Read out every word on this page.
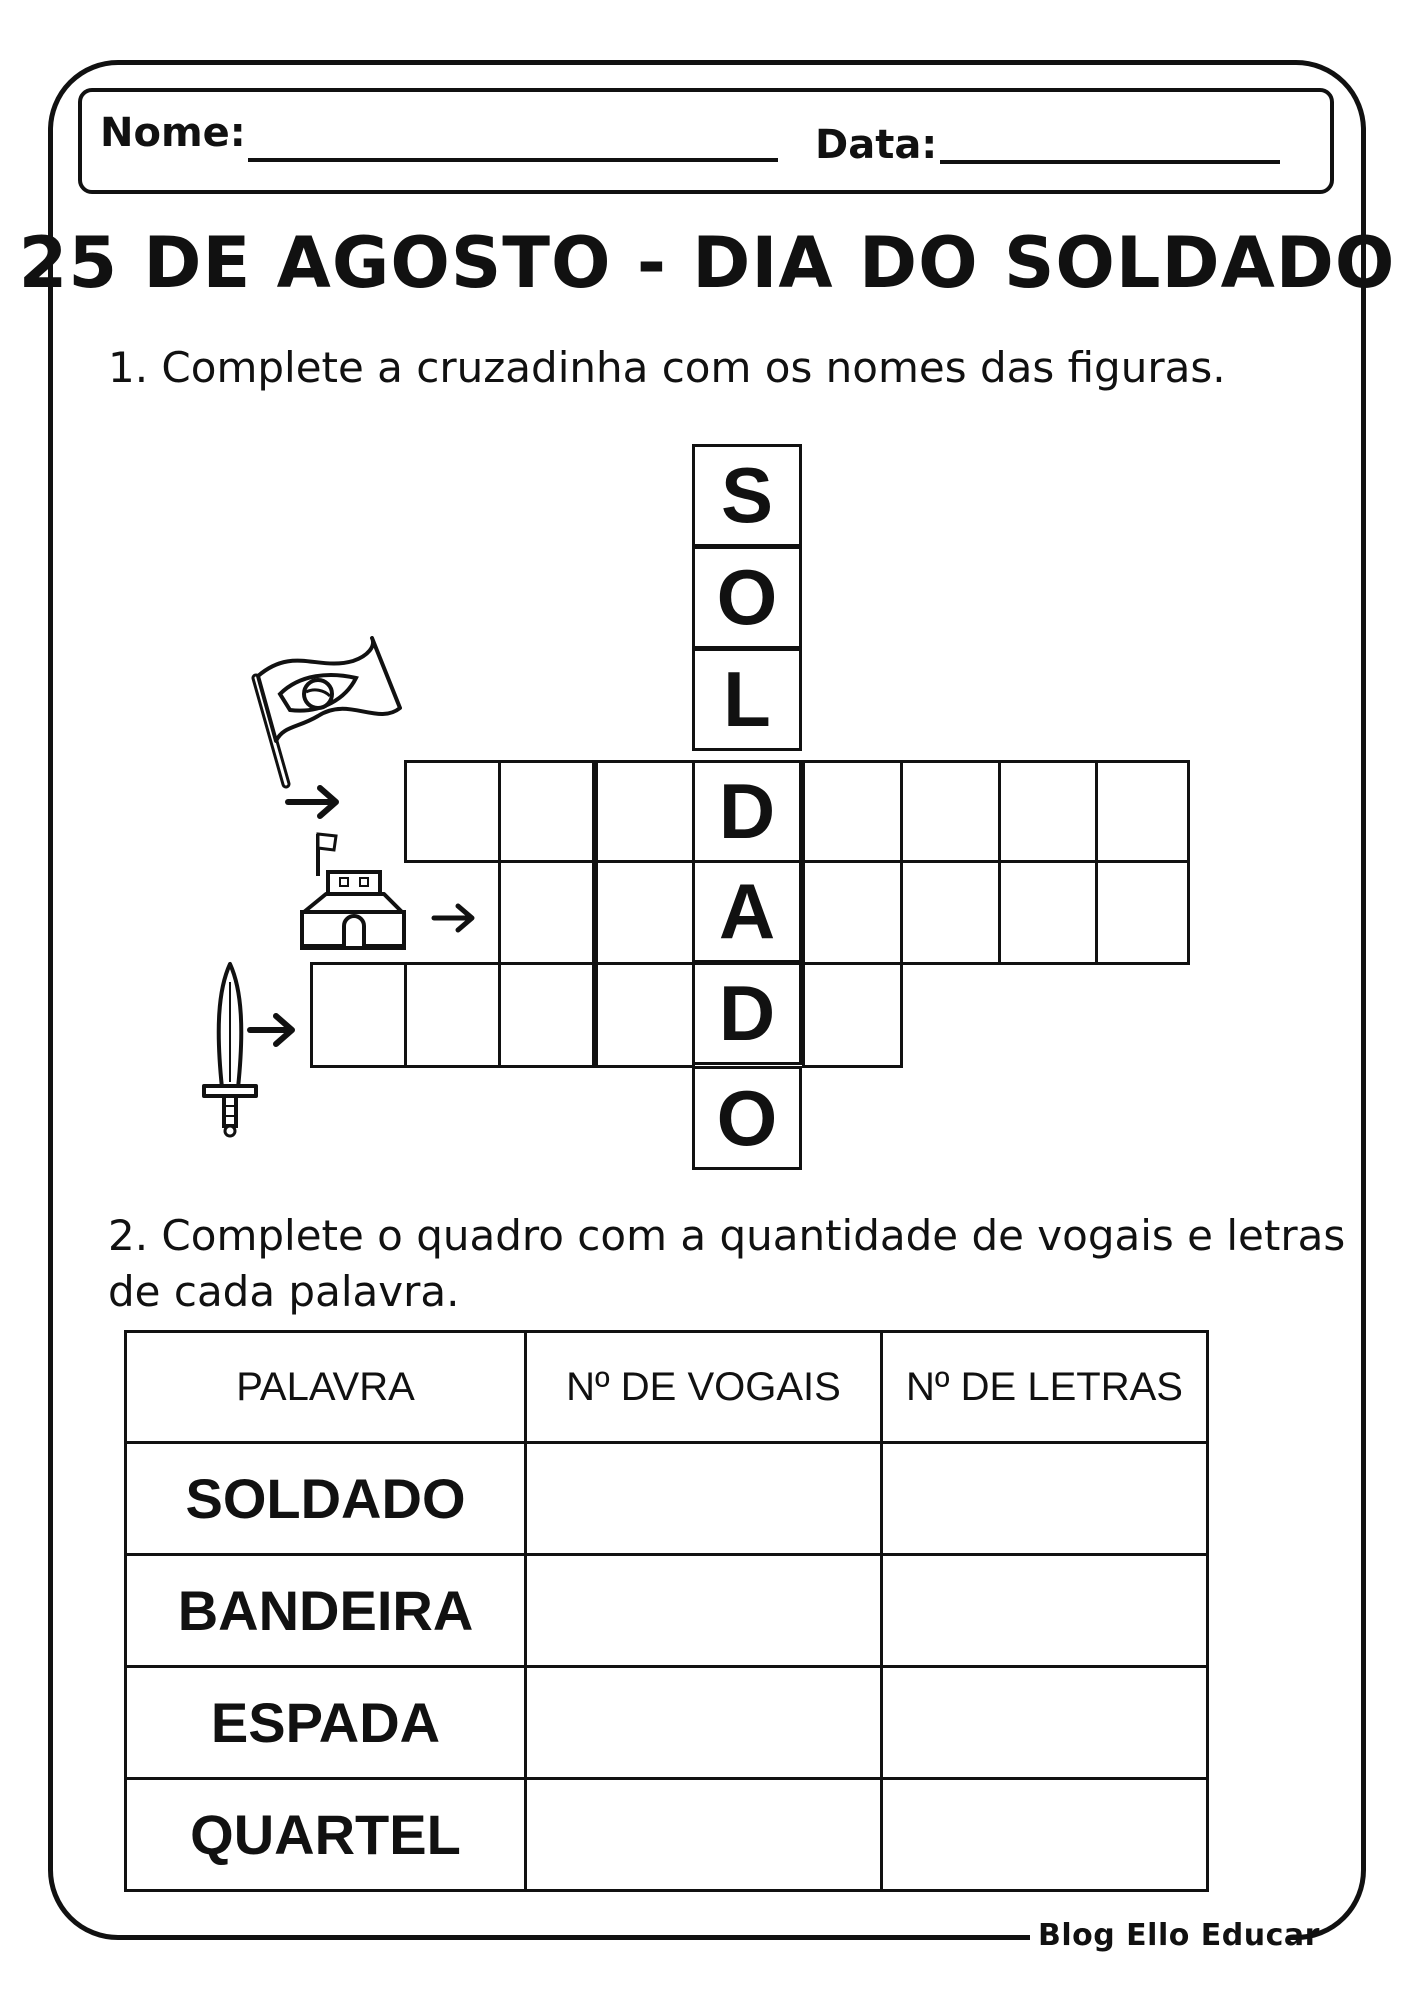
Blog Ello Educar
Nome:	Data:
25 DE AGOSTO - DIA DO SOLDADO
1. Complete a cruzadinha com os nomes das figuras.
S
O
L
D
A
D
O
2. Complete o quadro com a quantidade de vogais e letras
de cada palavra.
PALAVRA	Nº DE VOGAIS	Nº DE LETRAS
SOLDADO		
BANDEIRA		
ESPADA		
QUARTEL		
